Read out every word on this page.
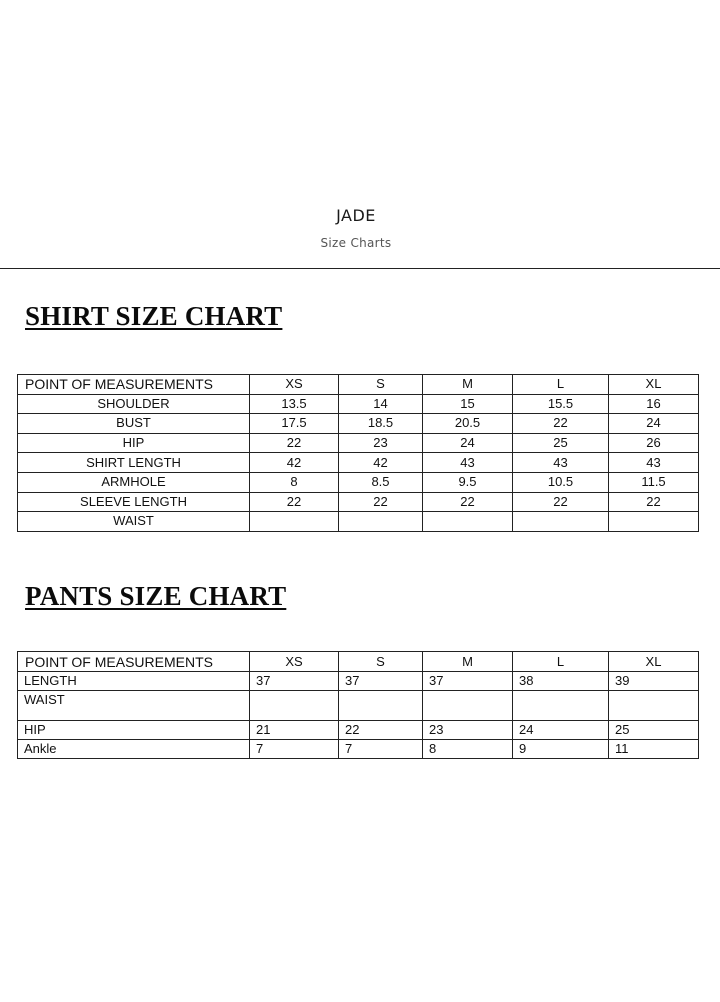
JADE
Size Charts
SHIRT SIZE CHART
POINT OF MEASUREMENTS	XS	S	M	L	XL
SHOULDER	13.5	14	15	15.5	16
BUST	17.5	18.5	20.5	22	24
HIP	22	23	24	25	26
SHIRT LENGTH	42	42	43	43	43
ARMHOLE	8	8.5	9.5	10.5	11.5
SLEEVE LENGTH	22	22	22	22	22
WAIST					
PANTS SIZE CHART
POINT OF MEASUREMENTS	XS	S	M	L	XL
LENGTH	37	37	37	38	39
WAIST					
HIP	21	22	23	24	25
Ankle	7	7	8	9	11
